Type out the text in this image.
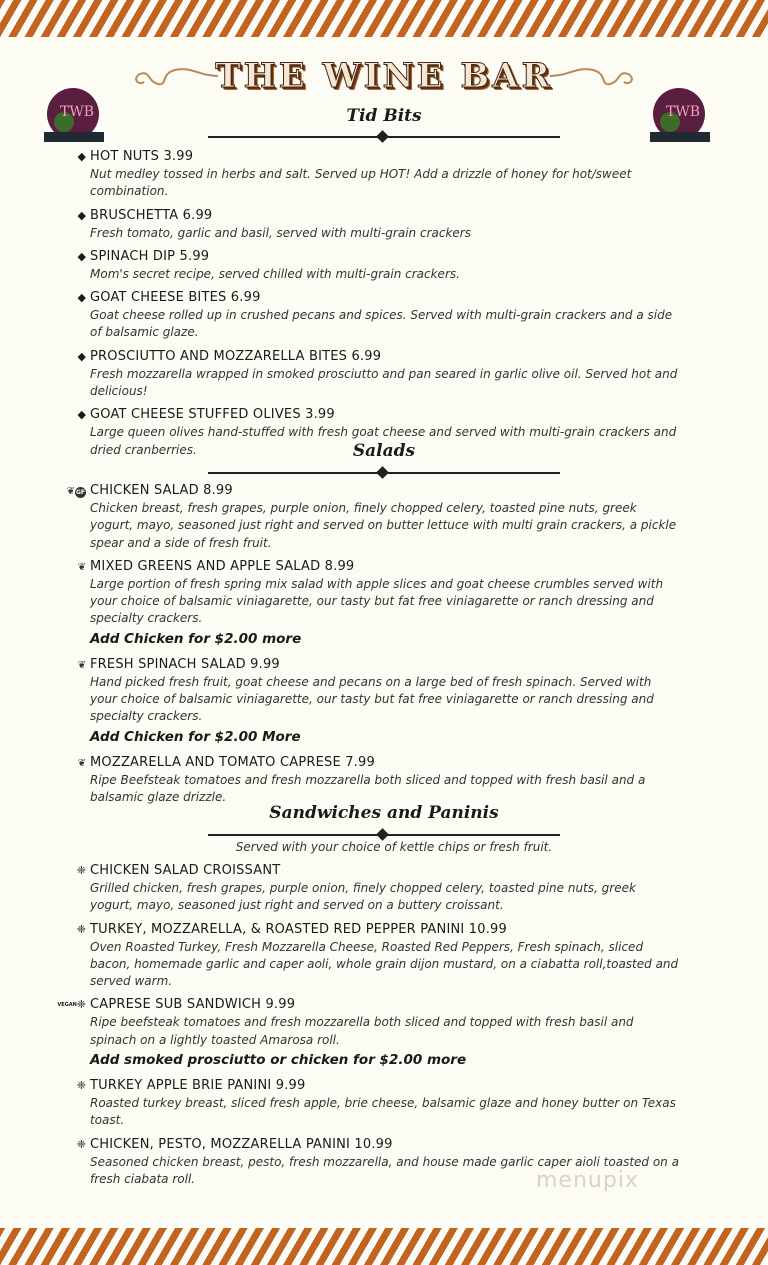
THE WINE BAR
TWB	TWB
Tid Bits
◆ HOT NUTS 3.99
Nut medley tossed in herbs and salt. Served up HOT! Add a drizzle of honey for hot/sweet combination.
◆ BRUSCHETTA 6.99
Fresh tomato, garlic and basil, served with multi-grain crackers
◆ SPINACH DIP 5.99
Mom's secret recipe, served chilled with multi-grain crackers.
◆ GOAT CHEESE BITES 6.99
Goat cheese rolled up in crushed pecans and spices. Served with multi-grain crackers and a side of balsamic glaze.
◆ PROSCIUTTO AND MOZZARELLA BITES 6.99
Fresh mozzarella wrapped in smoked prosciutto and pan seared in garlic olive oil. Served hot and delicious!
◆ GOAT CHEESE STUFFED OLIVES 3.99
Large queen olives hand-stuffed with fresh goat cheese and served with multi-grain crackers and dried cranberries.	Salads
❦GF CHICKEN SALAD 8.99
Chicken breast, fresh grapes, purple onion, finely chopped celery, toasted pine nuts, greek yogurt, mayo, seasoned just right and served on butter lettuce with multi grain crackers, a pickle spear and a side of fresh fruit.
❦ MIXED GREENS AND APPLE SALAD 8.99
Large portion of fresh spring mix salad with apple slices and goat cheese crumbles served with your choice of balsamic viniagarette, our tasty but fat free viniagarette or ranch dressing and specialty crackers.
Add Chicken for $2.00 more
❦ FRESH SPINACH SALAD 9.99
Hand picked fresh fruit, goat cheese and pecans on a large bed of fresh spinach. Served with your choice of balsamic viniagarette, our tasty but fat free viniagarette or ranch dressing and specialty crackers.
Add Chicken for $2.00 More
❦ MOZZARELLA AND TOMATO CAPRESE 7.99
Ripe Beefsteak tomatoes and fresh mozzarella both sliced and topped with fresh basil and a balsamic glaze drizzle.
Sandwiches and Paninis
Served with your choice of kettle chips or fresh fruit.
❈ CHICKEN SALAD CROISSANT
Grilled chicken, fresh grapes, purple onion, finely chopped celery, toasted pine nuts, greek yogurt, mayo, seasoned just right and served on a buttery croissant.
❈ TURKEY, MOZZARELLA, & ROASTED RED PEPPER PANINI 10.99
Oven Roasted Turkey, Fresh Mozzarella Cheese, Roasted Red Peppers, Fresh spinach, sliced bacon, homemade garlic and caper aoli, whole grain dijon mustard, on a ciabatta roll,toasted and served warm.
VEGAN❈ CAPRESE SUB SANDWICH 9.99
Ripe beefsteak tomatoes and fresh mozzarella both sliced and topped with fresh basil and spinach on a lightly toasted Amarosa roll.
Add smoked prosciutto or chicken for $2.00 more
❈ TURKEY APPLE BRIE PANINI 9.99
Roasted turkey breast, sliced fresh apple, brie cheese, balsamic glaze and honey butter on Texas toast.
❈ CHICKEN, PESTO, MOZZARELLA PANINI 10.99
Seasoned chicken breast, pesto, fresh mozzarella, and house made garlic caper aioli toasted on a fresh ciabata roll.	menupix
